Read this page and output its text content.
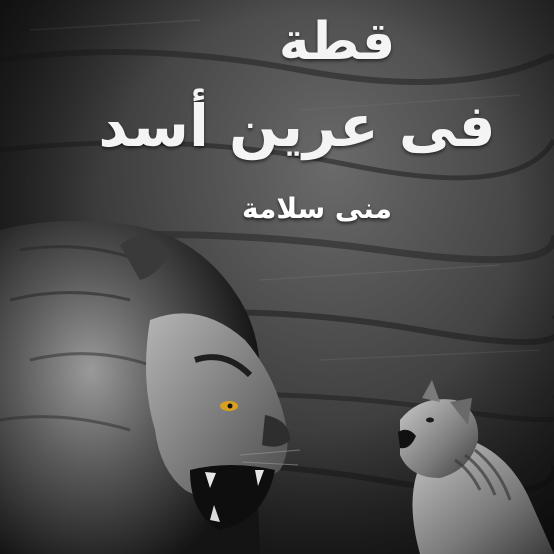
قطة
فى عرين أسد
منى سلامة
